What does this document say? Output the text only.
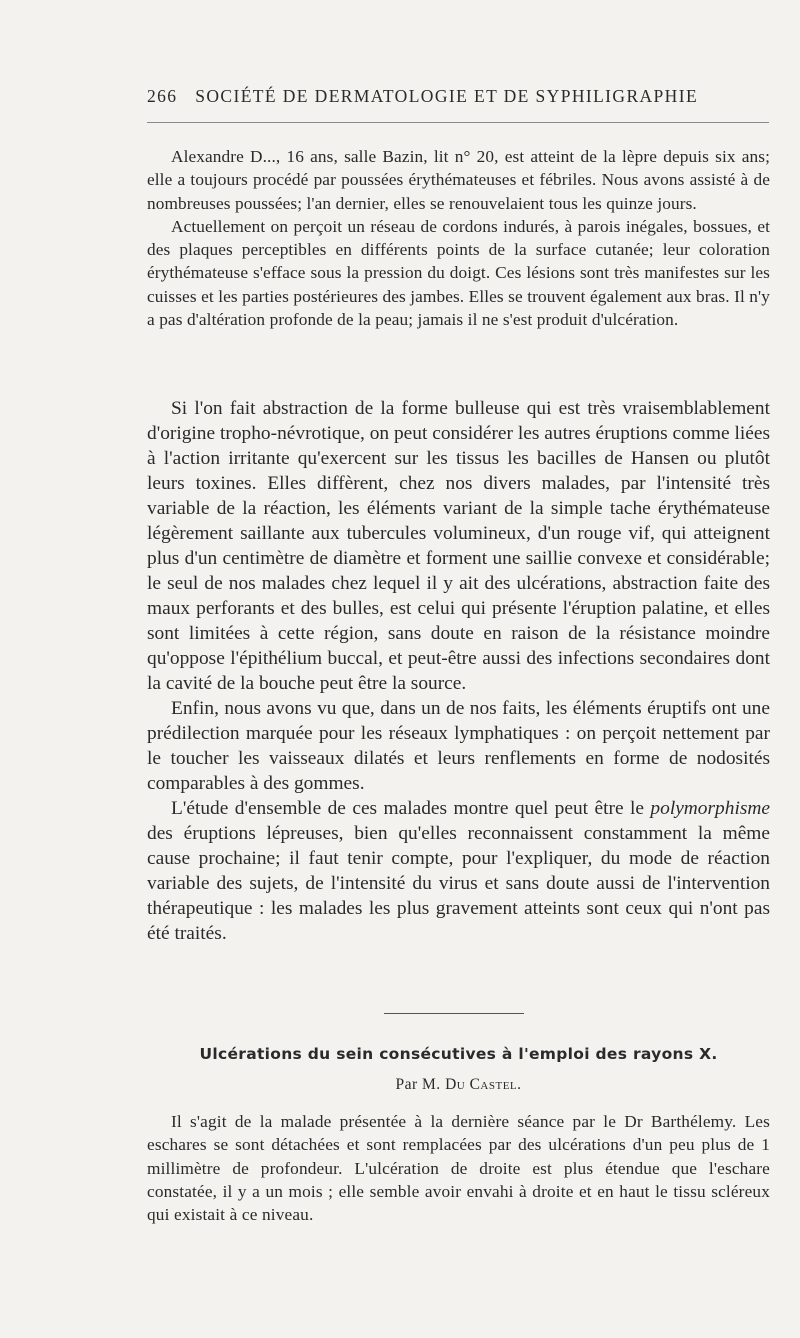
266 SOCIÉTÉ DE DERMATOLOGIE ET DE SYPHILIGRAPHIE

Alexandre D..., 16 ans, salle Bazin, lit n° 20, est atteint de la lèpre depuis six ans; elle a toujours procédé par poussées érythémateuses et fébriles. Nous avons assisté à de nombreuses poussées; l'an dernier, elles se renouvelaient tous les quinze jours.

Actuellement on perçoit un réseau de cordons indurés, à parois inégales, bossues, et des plaques perceptibles en différents points de la surface cutanée; leur coloration érythémateuse s'efface sous la pression du doigt. Ces lésions sont très manifestes sur les cuisses et les parties postérieures des jambes. Elles se trouvent également aux bras. Il n'y a pas d'altération profonde de la peau; jamais il ne s'est produit d'ulcération.

Si l'on fait abstraction de la forme bulleuse qui est très vraisemblablement d'origine tropho-névrotique, on peut considérer les autres éruptions comme liées à l'action irritante qu'exercent sur les tissus les bacilles de Hansen ou plutôt leurs toxines. Elles diffèrent, chez nos divers malades, par l'intensité très variable de la réaction, les éléments variant de la simple tache érythémateuse légèrement saillante aux tubercules volumineux, d'un rouge vif, qui atteignent plus d'un centimètre de diamètre et forment une saillie convexe et considérable; le seul de nos malades chez lequel il y ait des ulcérations, abstraction faite des maux perforants et des bulles, est celui qui présente l'éruption palatine, et elles sont limitées à cette région, sans doute en raison de la résistance moindre qu'oppose l'épithélium buccal, et peut-être aussi des infections secondaires dont la cavité de la bouche peut être la source.

Enfin, nous avons vu que, dans un de nos faits, les éléments éruptifs ont une prédilection marquée pour les réseaux lymphatiques : on perçoit nettement par le toucher les vaisseaux dilatés et leurs renflements en forme de nodosités comparables à des gommes.

L'étude d'ensemble de ces malades montre quel peut être le polymorphisme des éruptions lépreuses, bien qu'elles reconnaissent constamment la même cause prochaine; il faut tenir compte, pour l'expliquer, du mode de réaction variable des sujets, de l'intensité du virus et sans doute aussi de l'intervention thérapeutique : les malades les plus gravement atteints sont ceux qui n'ont pas été traités.

Ulcérations du sein consécutives à l'emploi des rayons X.
Par M. Du Castel.

Il s'agit de la malade présentée à la dernière séance par le Dr Barthélemy. Les eschares se sont détachées et sont remplacées par des ulcérations d'un peu plus de 1 millimètre de profondeur. L'ulcération de droite est plus étendue que l'eschare constatée, il y a un mois ; elle semble avoir envahi à droite et en haut le tissu scléreux qui existait à ce niveau.
